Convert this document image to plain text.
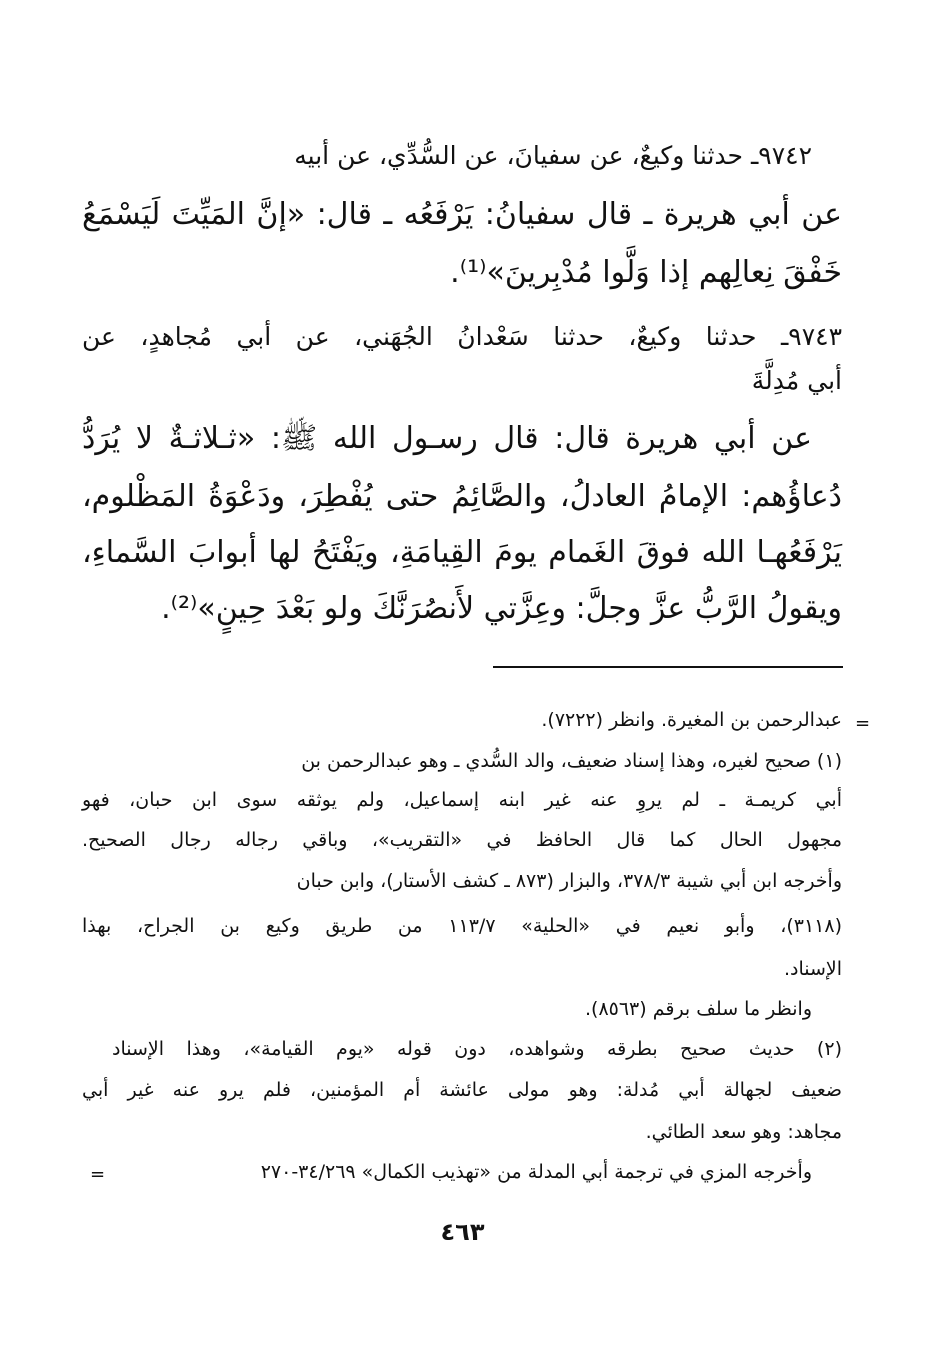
٩٧٤٢ـ حدثنا وكيعٌ، عن سفيانَ، عن السُّدِّي، عن أبيه
عن أبي هريرة ـ قال سفيانُ: يَرْفَعُه ـ قال: «إنَّ المَيِّتَ لَيَسْمَعُ
خَفْقَ نِعالِهم إذا وَلَّوا مُدْبِرينَ»⁽¹⁾.
٩٧٤٣ـ حدثنا وكيعٌ، حدثنا سَعْدانُ الجُهَني، عن أبي مُجاهدٍ، عن
أبي مُدِلَّةَ
عن أبي هريرة قال: قال رسـول الله ﷺ: «ثـلاثـةٌ لا يُرَدُّ
دُعاؤُهم: الإمامُ العادلُ، والصَّائِمُ حتى يُفْطِرَ، ودَعْوَةُ المَظْلوم،
يَرْفَعُهـا الله فوقَ الغَمام يومَ القِيامَةِ، ويَفْتَحُ لها أبوابَ السَّماءِ،
ويقولُ الرَّبُّ عزَّ وجلَّ: وعِزَّتي لأَنصُرَنَّكَ ولو بَعْدَ حِينٍ»⁽²⁾.
=
عبدالرحمن بن المغيرة. وانظر (٧٢٢٢).
(١) صحيح لغيره، وهذا إسناد ضعيف، والد السُّدي ـ وهو عبدالرحمن بن
أبي كريمـة ـ لم يروِ عنه غير ابنه إسماعيل، ولم يوثقه سوى ابن حبان، فهو
مجهول الحال كما قال الحافظ في «التقريب»، وباقي رجاله رجال الصحيح.
وأخرجه ابن أبي شيبة ٣٧٨/٣، والبزار (٨٧٣ ـ كشف الأستار)، وابن حبان
(٣١١٨)، وأبو نعيم في «الحلية» ١١٣/٧ من طريق وكيع بن الجراح، بهذا
الإسناد.
وانظر ما سلف برقم (٨٥٦٣).
(٢) حديث صحيح بطرقه وشواهده، دون قوله «يوم القيامة»، وهذا الإسناد
ضعيف لجهالة أبي مُدلة: وهو مولى عائشة أم المؤمنين، فلم يرو عنه غير أبي
مجاهد: وهو سعد الطائي.
وأخرجه المزي في ترجمة أبي المدلة من «تهذيب الكمال» ٣٤/٢٦٩-٢٧٠
=
٤٦٣
